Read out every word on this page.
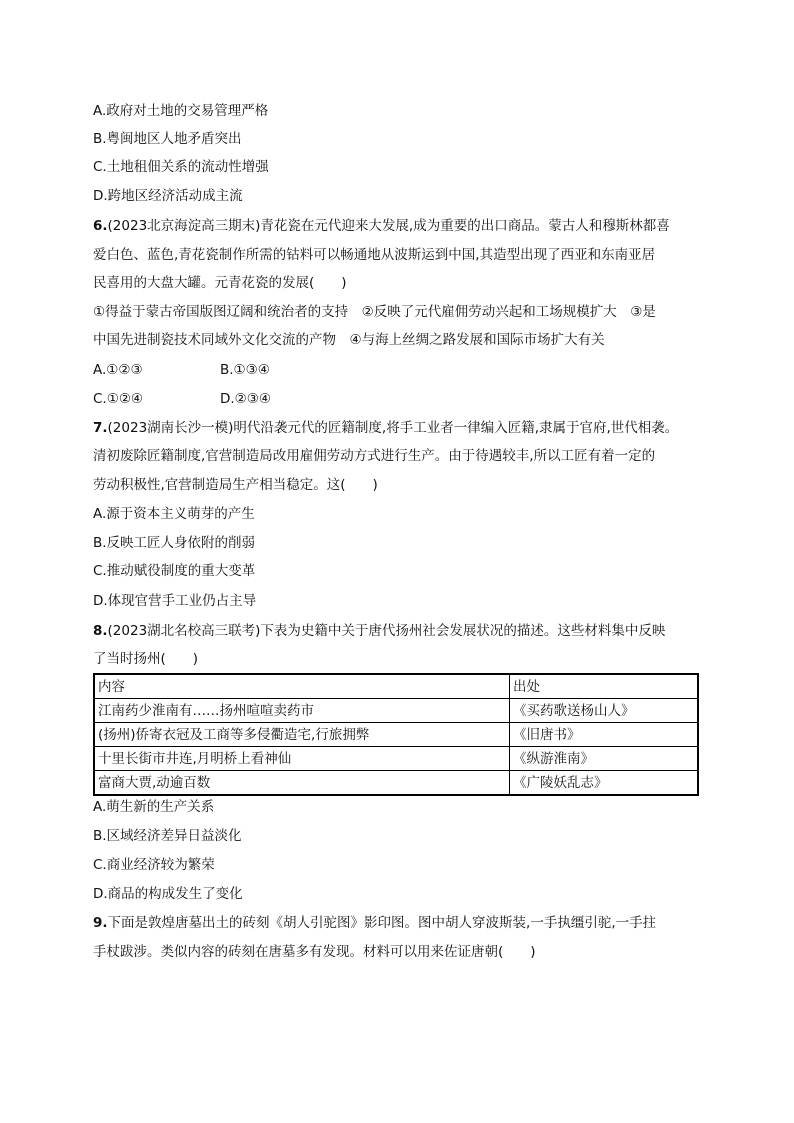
A.政府对土地的交易管理严格
B.粤闽地区人地矛盾突出
C.土地租佃关系的流动性增强
D.跨地区经济活动成主流
6.(2023北京海淀高三期末)青花瓷在元代迎来大发展,成为重要的出口商品。蒙古人和穆斯林都喜
爱白色、蓝色,青花瓷制作所需的钴料可以畅通地从波斯运到中国,其造型出现了西亚和东南亚居
民喜用的大盘大罐。元青花瓷的发展(　　)
①得益于蒙古帝国版图辽阔和统治者的支持　②反映了元代雇佣劳动兴起和工场规模扩大　③是
中国先进制瓷技术同域外文化交流的产物　④与海上丝绸之路发展和国际市场扩大有关
A.①②③	B.①③④
C.①②④	D.②③④
7.(2023湖南长沙一模)明代沿袭元代的匠籍制度,将手工业者一律编入匠籍,隶属于官府,世代相袭。
清初废除匠籍制度,官营制造局改用雇佣劳动方式进行生产。由于待遇较丰,所以工匠有着一定的
劳动积极性,官营制造局生产相当稳定。这(　　)
A.源于资本主义萌芽的产生
B.反映工匠人身依附的削弱
C.推动赋役制度的重大变革
D.体现官营手工业仍占主导
8.(2023湖北名校高三联考)下表为史籍中关于唐代扬州社会发展状况的描述。这些材料集中反映
了当时扬州(　　)
内容	出处
江南药少淮南有……扬州喧喧卖药市	《买药歌送杨山人》
(扬州)侨寄衣冠及工商等多侵衢造宅,行旅拥弊	《旧唐书》
十里长街市井连,月明桥上看神仙	《纵游淮南》
富商大贾,动逾百数	《广陵妖乱志》
A.萌生新的生产关系
B.区域经济差异日益淡化
C.商业经济较为繁荣
D.商品的构成发生了变化
9.下面是敦煌唐墓出土的砖刻《胡人引驼图》影印图。图中胡人穿波斯装,一手执缰引驼,一手拄
手杖跋涉。类似内容的砖刻在唐墓多有发现。材料可以用来佐证唐朝(　　)
